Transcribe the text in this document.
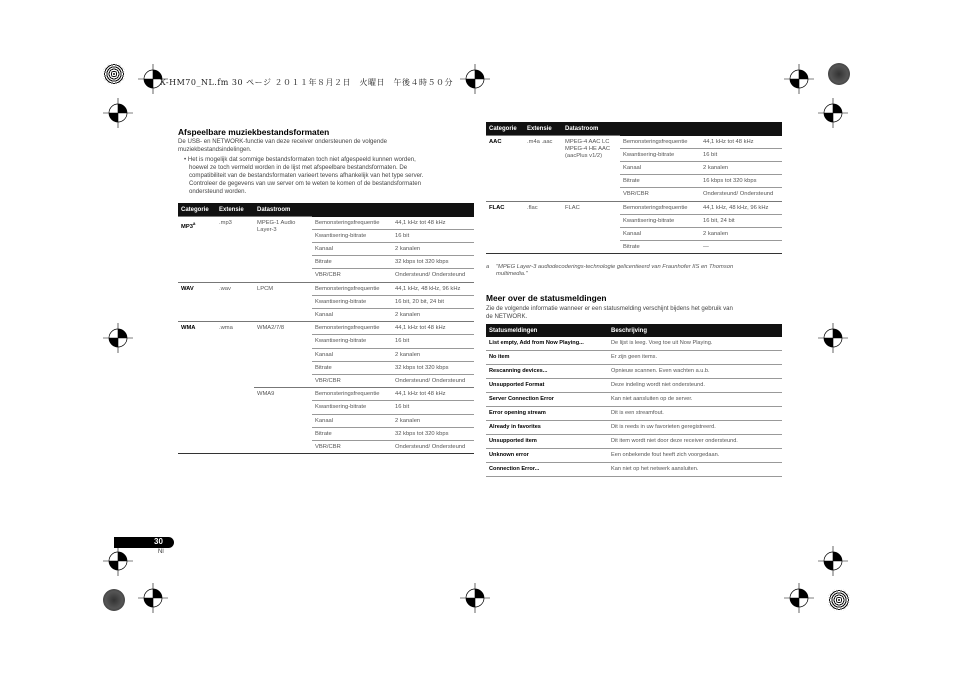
X-HM70_NL.fm 30 ページ ２０１１年８月２日　火曜日　午後４時５０分
Afspeelbare muziekbestandsformaten
De USB- en NETWORK-functie van deze receiver ondersteunen de volgende
muziekbestandsindelingen.
• Het is mogelijk dat sommige bestandsformaten toch niet afgespeeld kunnen worden,
hoewel ze toch vermeld worden in de lijst met afspeelbare bestandsformaten. De
compatibiliteit van de bestandsformaten varieert tevens afhankelijk van het type server.
Controleer de gegevens van uw server om te weten te komen of de bestandsformaten
ondersteund worden.
Categorie	Extensie	Datastroom		
MP3$^a$	.mp3	MPEG-1 Audio Layer-3	Bemonsteringsfrequentie	44,1 kHz tot 48 kHz
			Kwantisering-bitrate	16 bit
			Kanaal	2 kanalen
			Bitrate	32 kbps tot 320 kbps
			VBR/CBR	Ondersteund/ Ondersteund
WAV	.wav	LPCM	Bemonsteringsfrequentie	44,1 kHz, 48 kHz, 96 kHz
			Kwantisering-bitrate	16 bit, 20 bit, 24 bit
			Kanaal	2 kanalen
WMA	.wma	WMA2/7/8	Bemonsteringsfrequentie	44,1 kHz tot 48 kHz
			Kwantisering-bitrate	16 bit
			Kanaal	2 kanalen
			Bitrate	32 kbps tot 320 kbps
			VBR/CBR	Ondersteund/ Ondersteund
		WMA9	Bemonsteringsfrequentie	44,1 kHz tot 48 kHz
			Kwantisering-bitrate	16 bit
			Kanaal	2 kanalen
			Bitrate	32 kbps tot 320 kbps
			VBR/CBR	Ondersteund/ Ondersteund
Categorie	Extensie	Datastroom		
AAC	.m4a .aac	MPEG-4 AAC LC MPEG-4 HE AAC (aacPlus v1/2)	Bemonsteringsfrequentie	44,1 kHz tot 48 kHz
			Kwantisering-bitrate	16 bit
			Kanaal	2 kanalen
			Bitrate	16 kbps tot 320 kbps
			VBR/CBR	Ondersteund/ Ondersteund
FLAC	.flac	FLAC	Bemonsteringsfrequentie	44,1 kHz, 48 kHz, 96 kHz
			Kwantisering-bitrate	16 bit, 24 bit
			Kanaal	2 kanalen
			Bitrate	—
a "MPEG Layer-3 audiodecoderings-technologie gelicentieerd van Fraunhofer IIS en Thomson
multimedia."
Meer over de statusmeldingen
Zie de volgende informatie wanneer er een statusmelding verschijnt bijdens het gebruik van
de NETWORK.
Statusmeldingen	Beschrijving
List empty, Add from Now Playing...	De lijst is leeg. Voeg toe uit Now Playing.
No item	Er zijn geen items.
Rescanning devices...	Opnieuw scannen. Even wachten a.u.b.
Unsupported Format	Deze indeling wordt niet ondersteund.
Server Connection Error	Kan niet aansluiten op de server.
Error opening stream	Dit is een streamfout.
Already in favorites	Dit is reeds in uw favorieten geregistreerd.
Unsupported item	Dit item wordt niet door deze receiver ondersteund.
Unknown error	Een onbekende fout heeft zich voorgedaan.
Connection Error...	Kan niet op het netwerk aansluiten.
30
Nl
